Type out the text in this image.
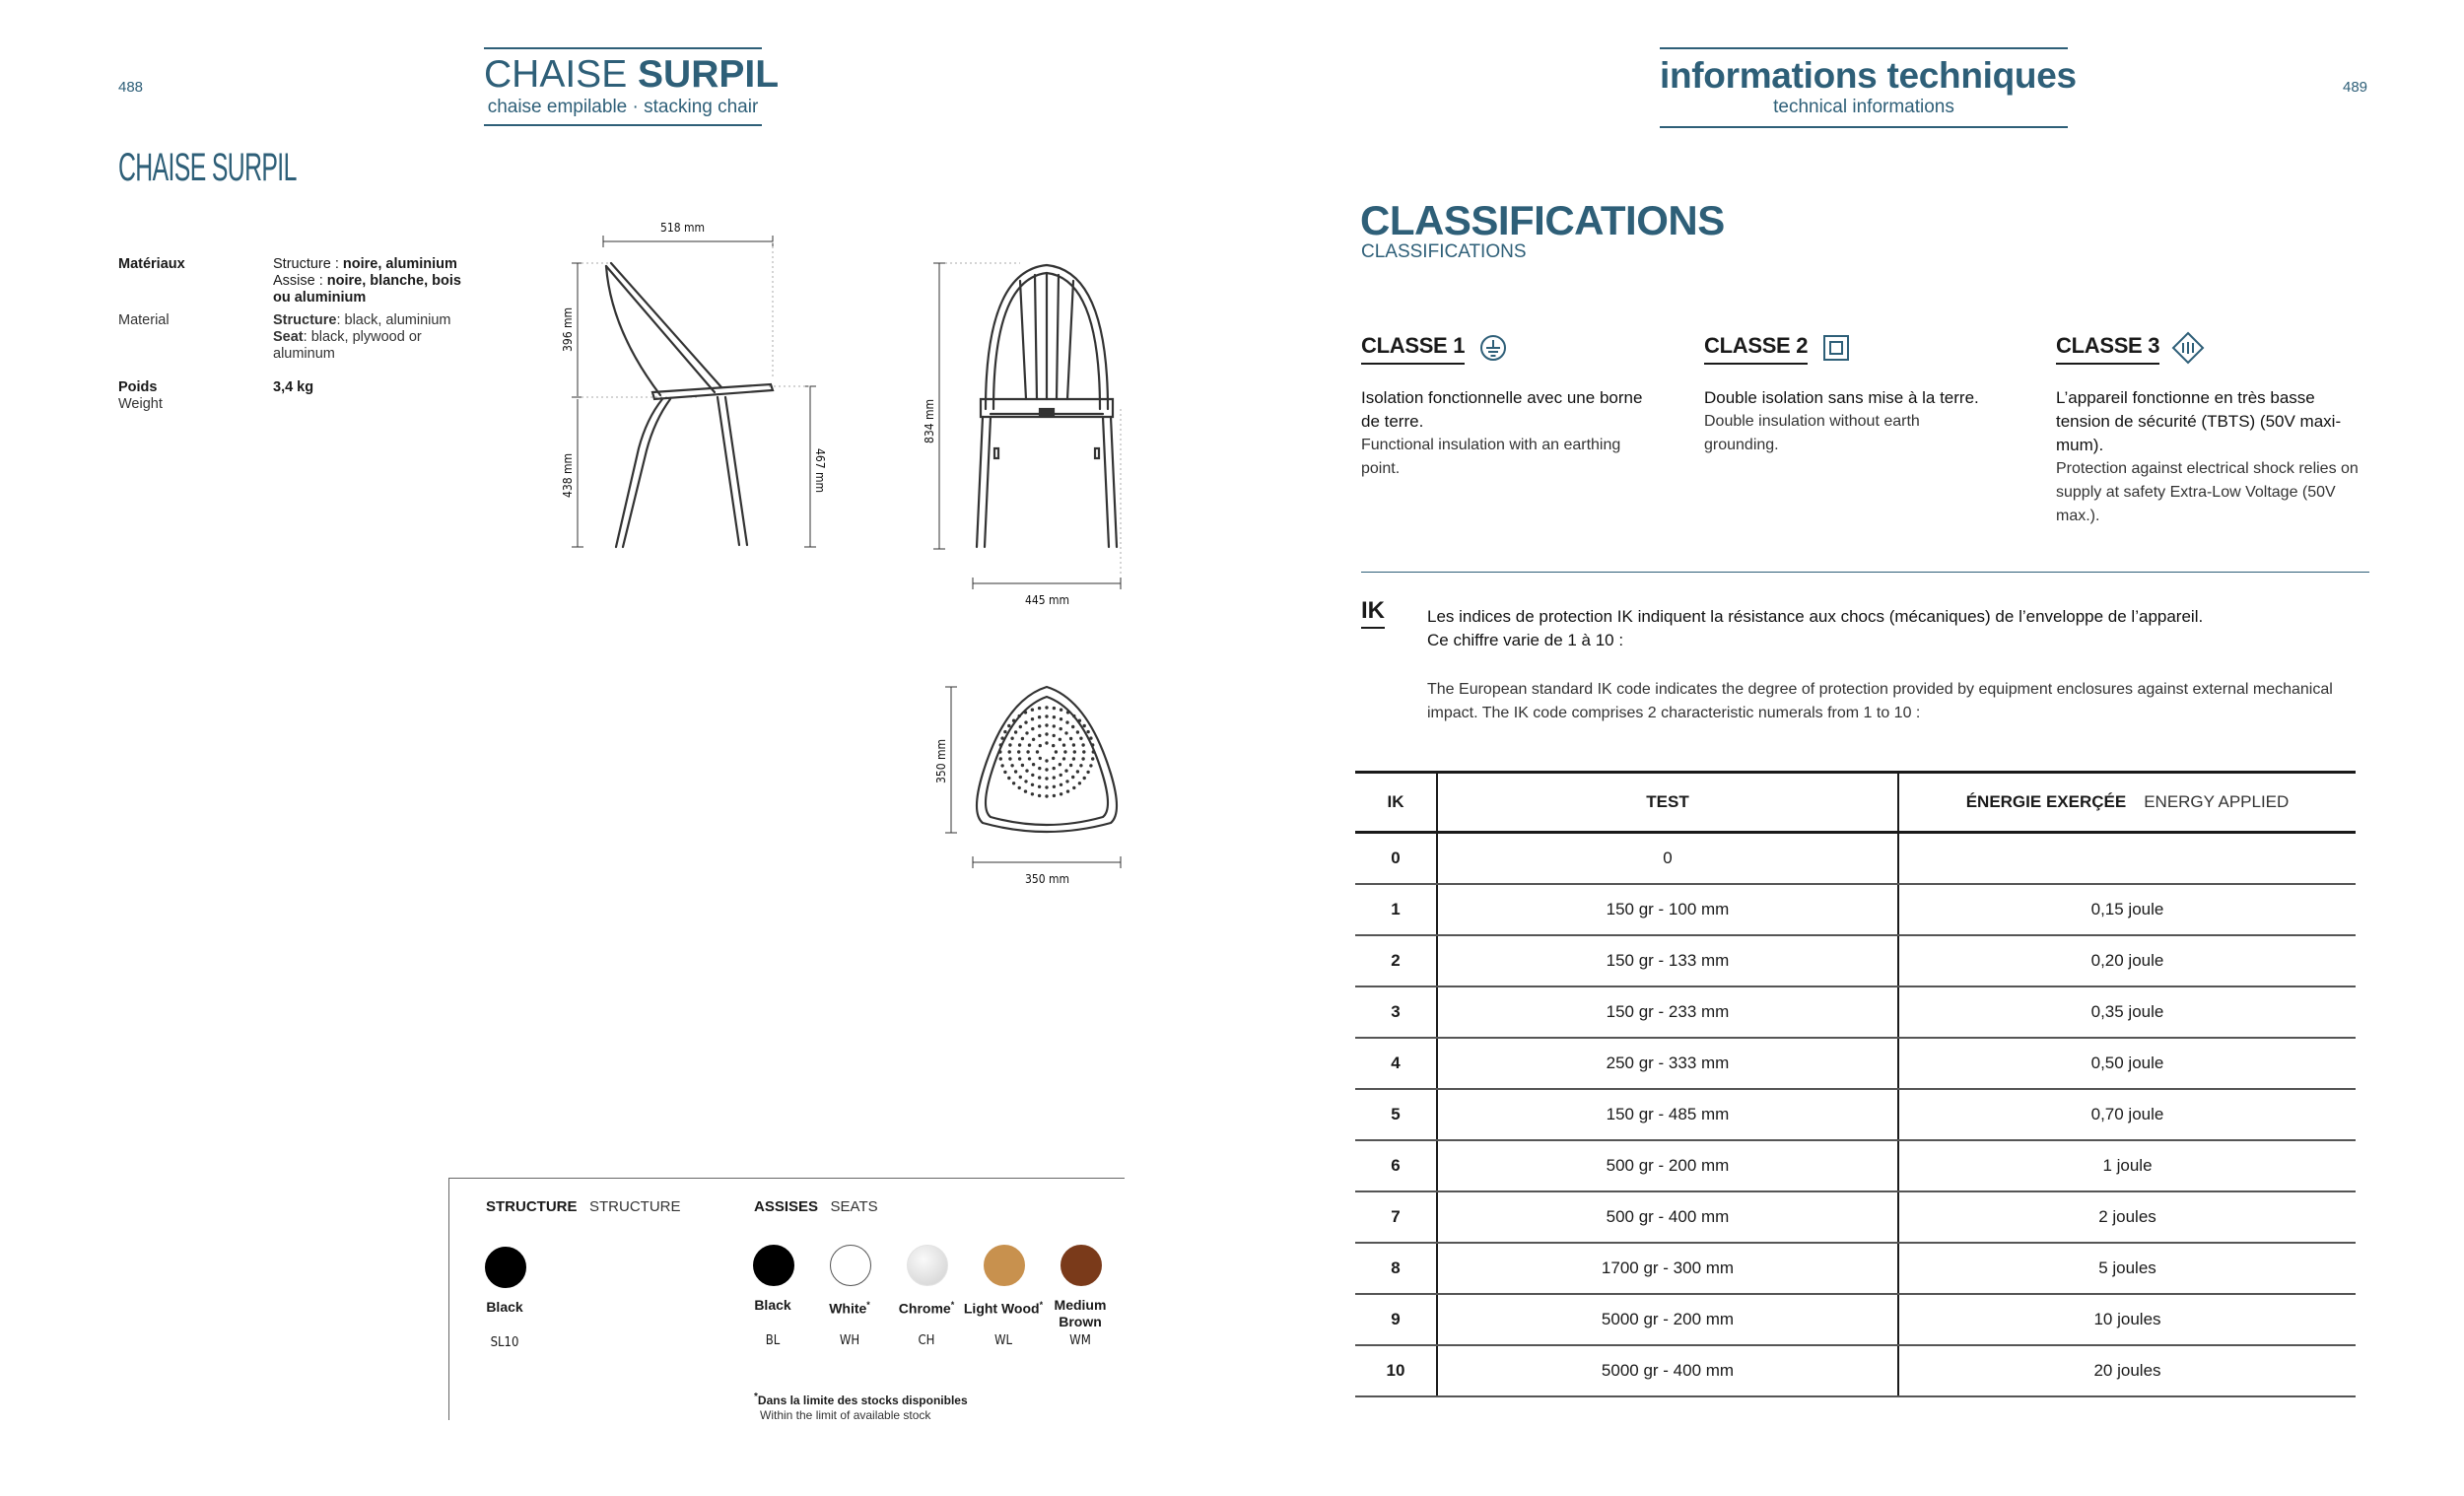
488	CHAISE SURPIL
chaise empilable · stacking chair
CHAISE SURPIL
Matériaux	Structure : noire, aluminium
Assise : noire, blanche, bois ou aluminium
Material	Structure: black, aluminium
Seat: black, plywood or aluminum
Poids	3,4 kg
Weight
518 mm
396 mm
438 mm	467 mm
834 mm
445 mm
350 mm
350 mm
STRUCTURE STRUCTURE	ASSISES SEATS
Black
SL10
Black
BL
White*
WH
Chrome*
CH
Light Wood*
WL
Medium Brown
WM
*Dans la limite des stocks disponibles
Within the limit of available stock
489
informations techniques
technical informations
CLASSIFICATIONS
CLASSIFICATIONS
CLASSE 1
Isolation fonctionnelle avec une borne de terre.
Functional insulation with an earthing point.
CLASSE 2
Double isolation sans mise à la terre.
Double insulation without earth grounding.
CLASSE 3
L’appareil fonctionne en très basse tension de sécurité (TBTS) (50V maxi-mum).
Protection against electrical shock relies on supply at safety Extra-Low Voltage (50V max.).
IK	Les indices de protection IK indiquent la résistance aux chocs (mécaniques) de l’enveloppe de l’appareil.
Ce chiffre varie de 1 à 10 :
The European standard IK code indicates the degree of protection provided by equipment enclosures against external mechanical
impact. The IK code comprises 2 characteristic numerals from 1 to 10 :
IK	TEST	ÉNERGIE EXERÇÉE ENERGY APPLIED
0	0	
1	150 gr - 100 mm	0,15 joule
2	150 gr - 133 mm	0,20 joule
3	150 gr - 233 mm	0,35 joule
4	250 gr - 333 mm	0,50 joule
5	150 gr - 485 mm	0,70 joule
6	500 gr - 200 mm	1 joule
7	500 gr - 400 mm	2 joules
8	1700 gr - 300 mm	5 joules
9	5000 gr - 200 mm	10 joules
10	5000 gr - 400 mm	20 joules
